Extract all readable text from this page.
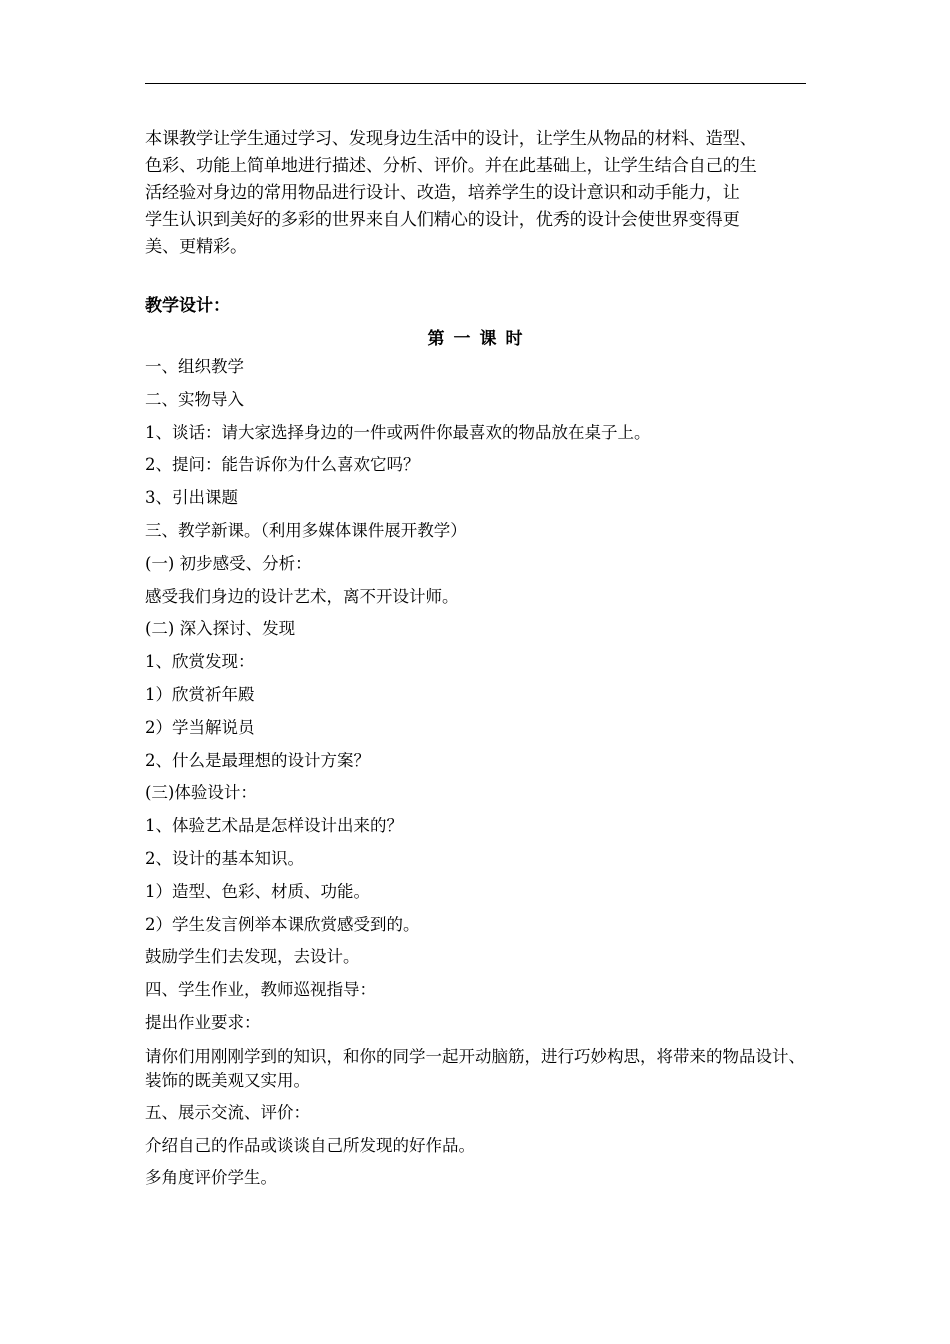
本课教学让学生通过学习、发现身边生活中的设计，让学生从物品的材料、造型、
色彩、功能上简单地进行描述、分析、评价。并在此基础上，让学生结合自己的生
活经验对身边的常用物品进行设计、改造，培养学生的设计意识和动手能力，让
学生认识到美好的多彩的世界来自人们精心的设计，优秀的设计会使世界变得更
美、更精彩。
教学设计：
第一课时
一、组织教学
二、实物导入
1、谈话：请大家选择身边的一件或两件你最喜欢的物品放在桌子上。
2、提问：能告诉你为什么喜欢它吗？
3、引出课题
三、教学新课。（利用多媒体课件展开教学）
(一) 初步感受、分析：
感受我们身边的设计艺术，离不开设计师。
(二) 深入探讨、发现
1、欣赏发现：
1）欣赏祈年殿
2）学当解说员
2、什么是最理想的设计方案？
(三)体验设计：
1、体验艺术品是怎样设计出来的？
2、设计的基本知识。
1）造型、色彩、材质、功能。
2）学生发言例举本课欣赏感受到的。
鼓励学生们去发现，去设计。
四、学生作业，教师巡视指导：
提出作业要求：
请你们用刚刚学到的知识，和你的同学一起开动脑筋，进行巧妙构思，将带来的物品设计、装饰的既美观又实用。
五、展示交流、评价：
介绍自己的作品或谈谈自己所发现的好作品。
多角度评价学生。
